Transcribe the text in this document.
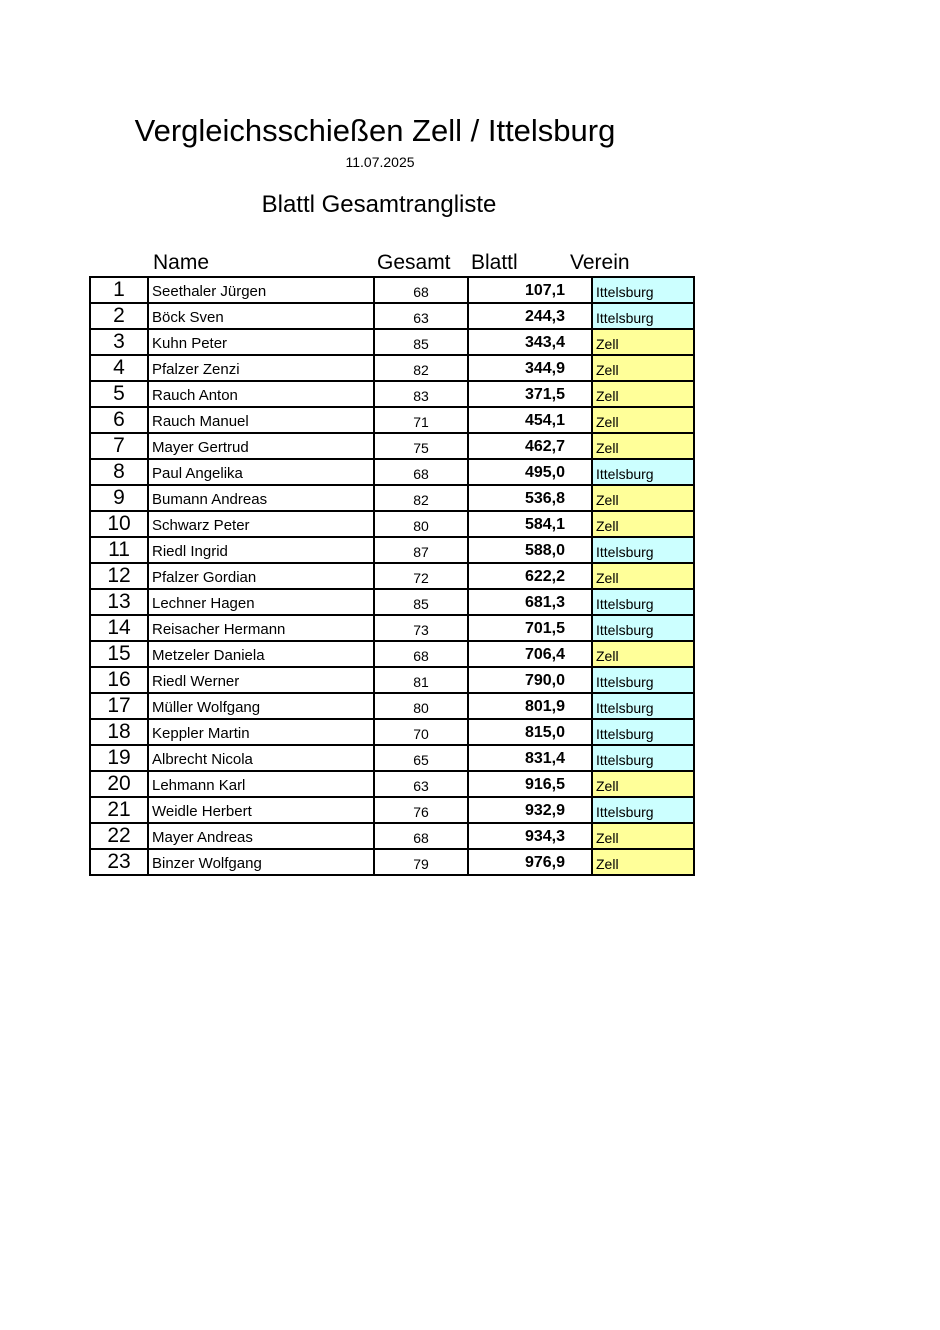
Vergleichsschießen Zell / Ittelsburg
11.07.2025
Blattl Gesamtrangliste
Name	Gesamt Blattl Verein
1	Seethaler Jürgen	68	107,1	Ittelsburg
2	Böck Sven	63	244,3	Ittelsburg
3	Kuhn Peter	85	343,4	Zell
4	Pfalzer Zenzi	82	344,9	Zell
5	Rauch Anton	83	371,5	Zell
6	Rauch Manuel	71	454,1	Zell
7	Mayer Gertrud	75	462,7	Zell
8	Paul Angelika	68	495,0	Ittelsburg
9	Bumann Andreas	82	536,8	Zell
10	Schwarz Peter	80	584,1	Zell
11	Riedl Ingrid	87	588,0	Ittelsburg
12	Pfalzer Gordian	72	622,2	Zell
13	Lechner Hagen	85	681,3	Ittelsburg
14	Reisacher Hermann	73	701,5	Ittelsburg
15	Metzeler Daniela	68	706,4	Zell
16	Riedl Werner	81	790,0	Ittelsburg
17	Müller Wolfgang	80	801,9	Ittelsburg
18	Keppler Martin	70	815,0	Ittelsburg
19	Albrecht Nicola	65	831,4	Ittelsburg
20	Lehmann Karl	63	916,5	Zell
21	Weidle Herbert	76	932,9	Ittelsburg
22	Mayer Andreas	68	934,3	Zell
23	Binzer Wolfgang	79	976,9	Zell
